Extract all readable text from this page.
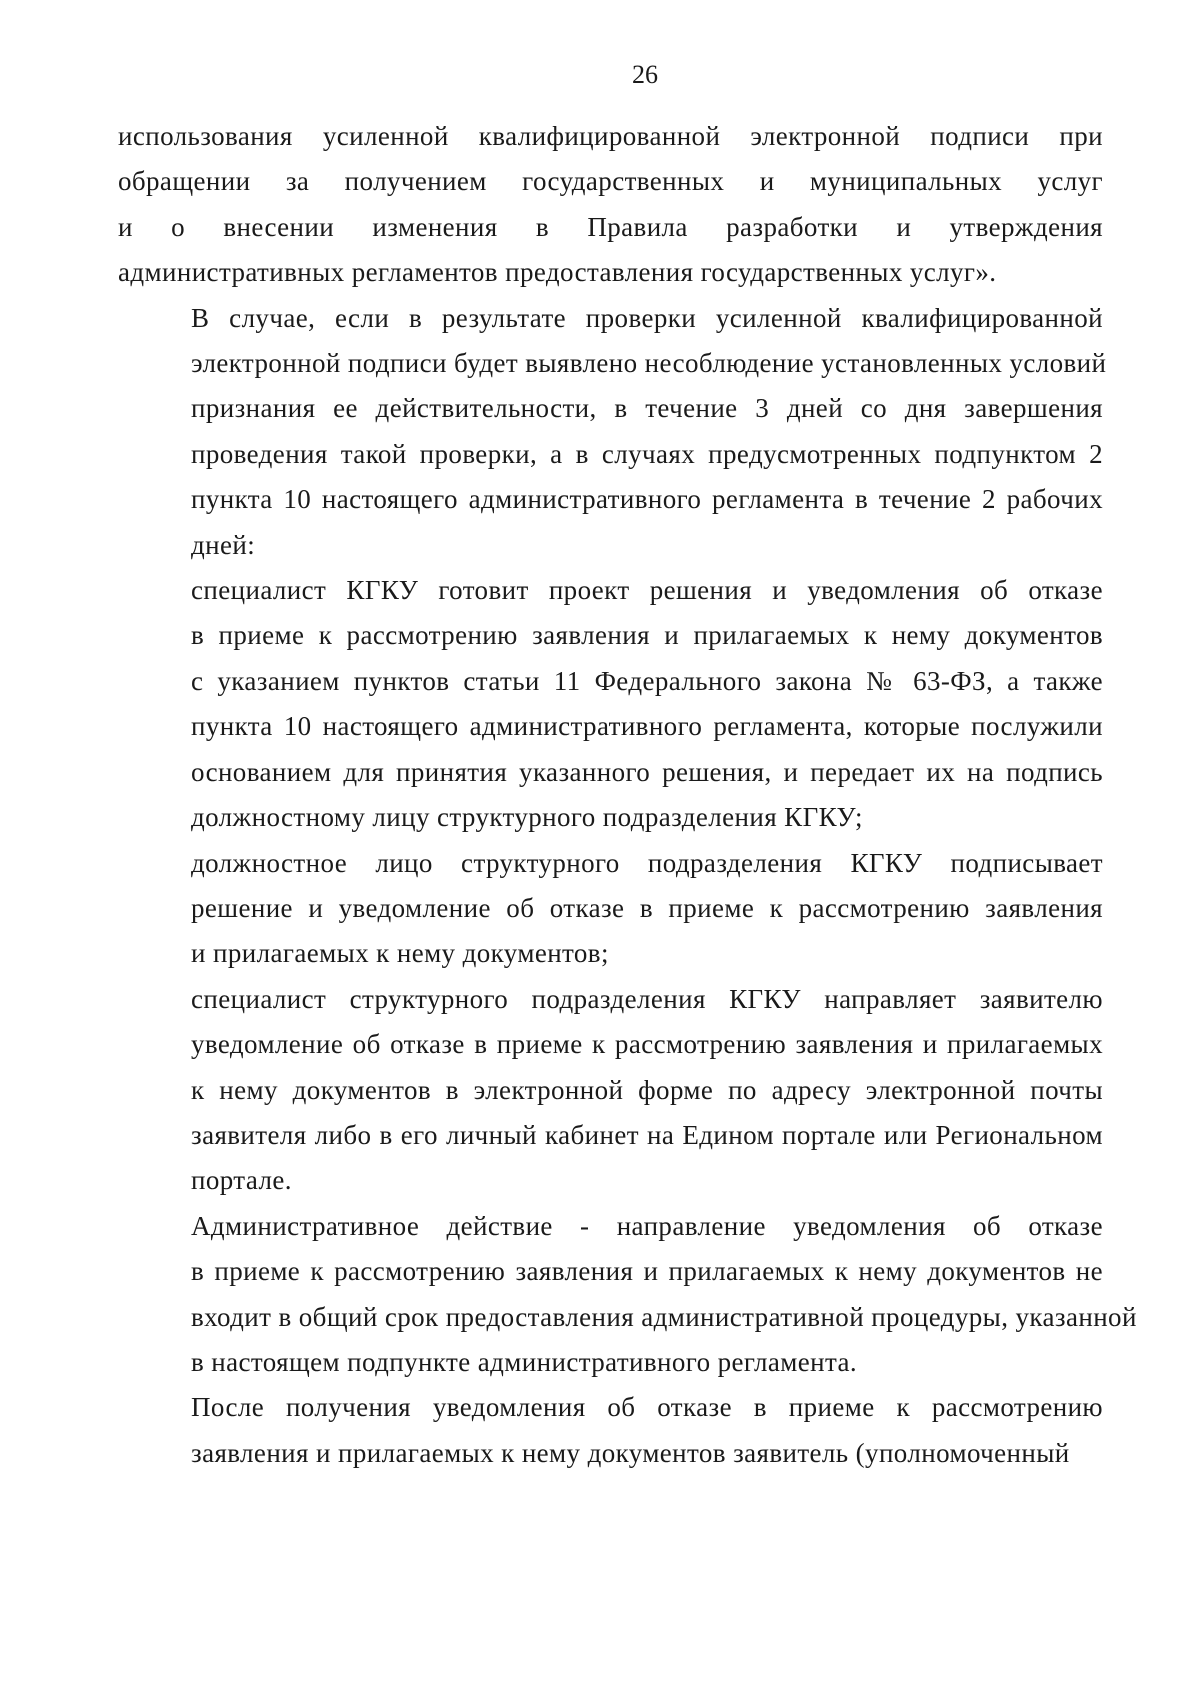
26

использования усиленной квалифицированной электронной подписи при
обращении за получением государственных и муниципальных услуг
и о внесении изменения в Правила разработки и утверждения
административных регламентов предоставления государственных услуг».

В случае, если в результате проверки усиленной квалифицированной
электронной подписи будет выявлено несоблюдение установленных условий
признания ее действительности, в течение 3 дней со дня завершения
проведения такой проверки, а в случаях предусмотренных подпунктом 2
пункта 10 настоящего административного регламента в течение 2 рабочих
дней:

специалист КГКУ готовит проект решения и уведомления об отказе
в приеме к рассмотрению заявления и прилагаемых к нему документов
с указанием пунктов статьи 11 Федерального закона № 63-ФЗ, а также
пункта 10 настоящего административного регламента, которые послужили
основанием для принятия указанного решения, и передает их на подпись
должностному лицу структурного подразделения КГКУ;

должностное лицо структурного подразделения КГКУ подписывает
решение и уведомление об отказе в приеме к рассмотрению заявления
и прилагаемых к нему документов;

специалист структурного подразделения КГКУ направляет заявителю
уведомление об отказе в приеме к рассмотрению заявления и прилагаемых
к нему документов в электронной форме по адресу электронной почты
заявителя либо в его личный кабинет на Едином портале или Региональном
портале.

Административное действие - направление уведомления об отказе
в приеме к рассмотрению заявления и прилагаемых к нему документов не
входит в общий срок предоставления административной процедуры, указанной
в настоящем подпункте административного регламента.

После получения уведомления об отказе в приеме к рассмотрению
заявления и прилагаемых к нему документов заявитель (уполномоченный
